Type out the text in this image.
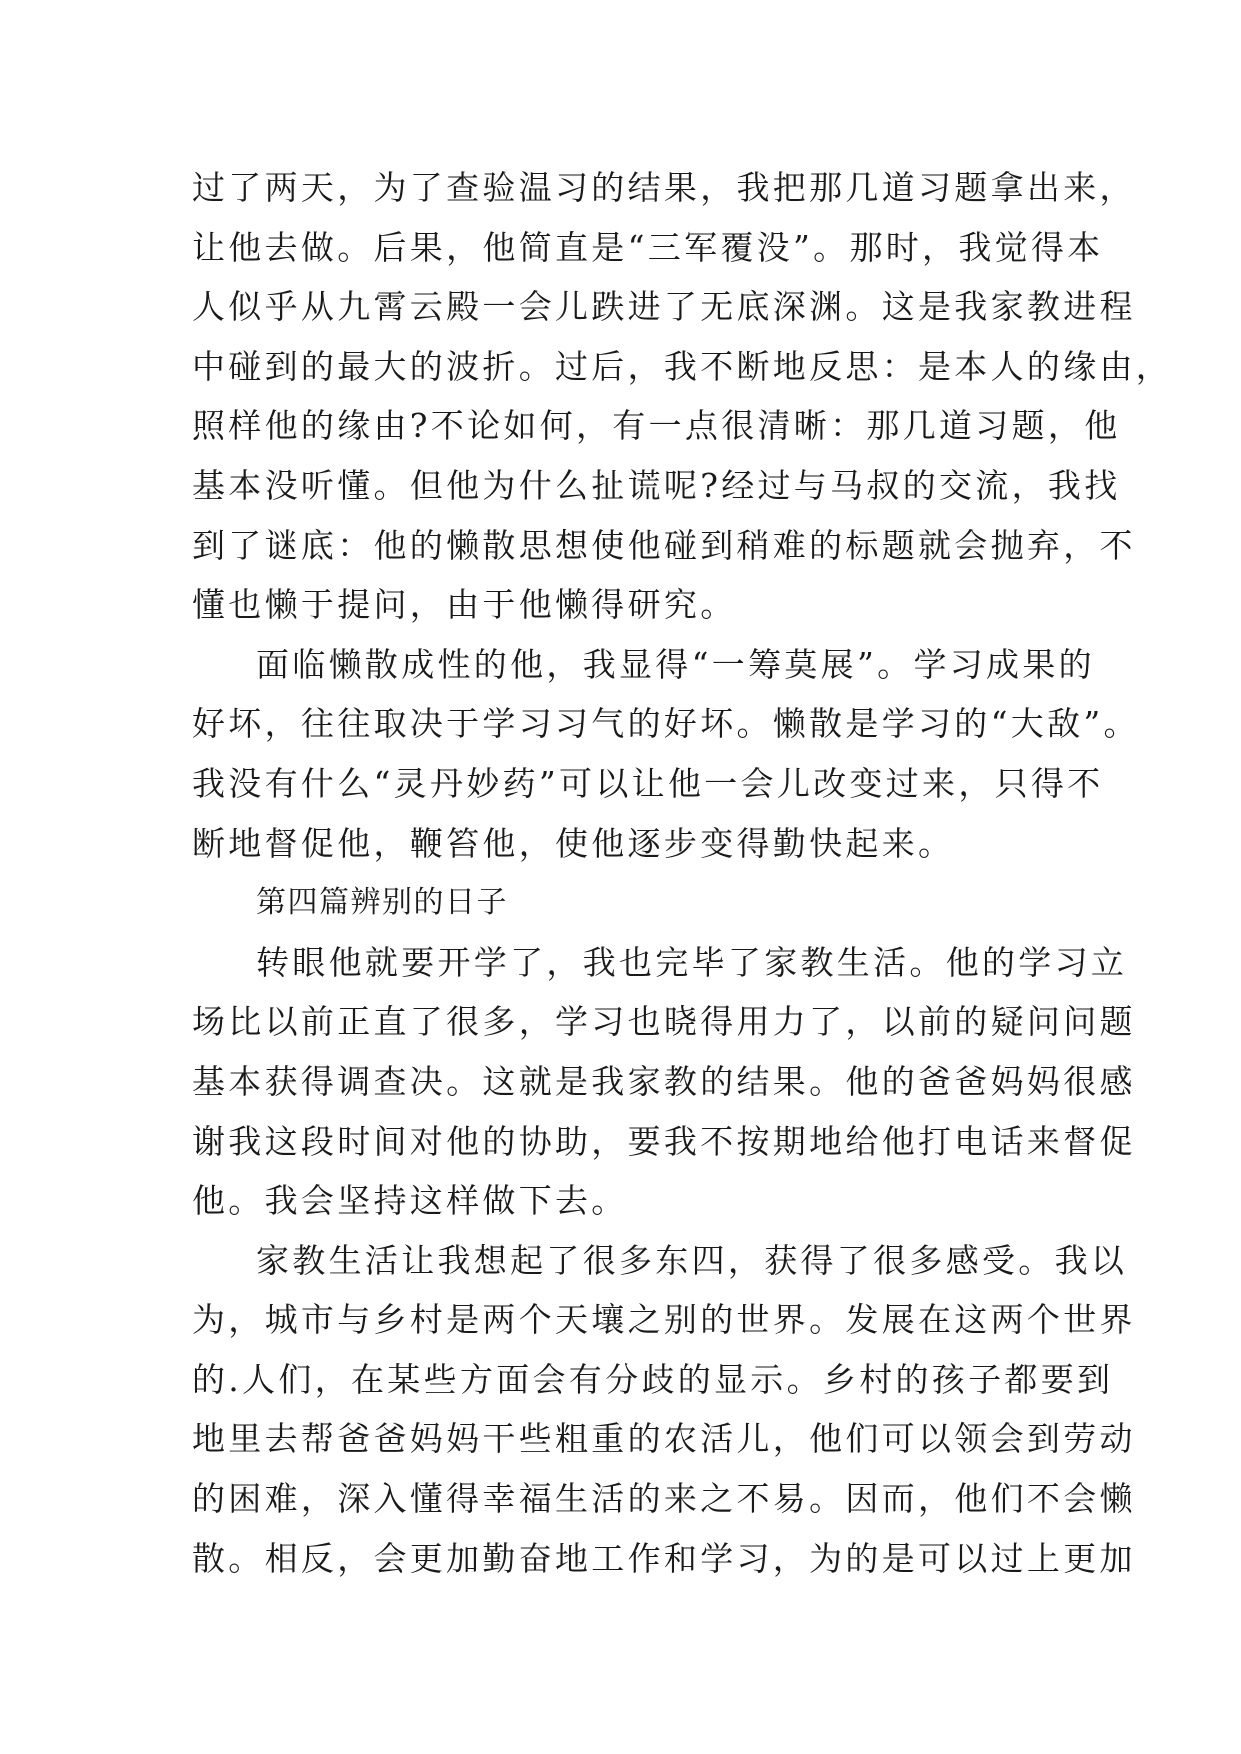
过了两天，为了查验温习的结果，我把那几道习题拿出来，
让他去做。后果，他简直是“三军覆没”。那时，我觉得本
人似乎从九霄云殿一会儿跌进了无底深渊。这是我家教进程
中碰到的最大的波折。过后，我不断地反思：是本人的缘由，
照样他的缘由?不论如何，有一点很清晰：那几道习题，他
基本没听懂。但他为什么扯谎呢?经过与马叔的交流，我找
到了谜底：他的懒散思想使他碰到稍难的标题就会抛弃，不
懂也懒于提问，由于他懒得研究。
面临懒散成性的他，我显得“一筹莫展”。学习成果的
好坏，往往取决于学习习气的好坏。懒散是学习的“大敌”。
我没有什么“灵丹妙药”可以让他一会儿改变过来，只得不
断地督促他，鞭笞他，使他逐步变得勤快起来。
第四篇辨别的日子
转眼他就要开学了，我也完毕了家教生活。他的学习立
场比以前正直了很多，学习也晓得用力了，以前的疑问问题
基本获得调查决。这就是我家教的结果。他的爸爸妈妈很感
谢我这段时间对他的协助，要我不按期地给他打电话来督促
他。我会坚持这样做下去。
家教生活让我想起了很多东四，获得了很多感受。我以
为，城市与乡村是两个天壤之别的世界。发展在这两个世界
的.人们，在某些方面会有分歧的显示。乡村的孩子都要到
地里去帮爸爸妈妈干些粗重的农活儿，他们可以领会到劳动
的困难，深入懂得幸福生活的来之不易。因而，他们不会懒
散。相反，会更加勤奋地工作和学习，为的是可以过上更加
